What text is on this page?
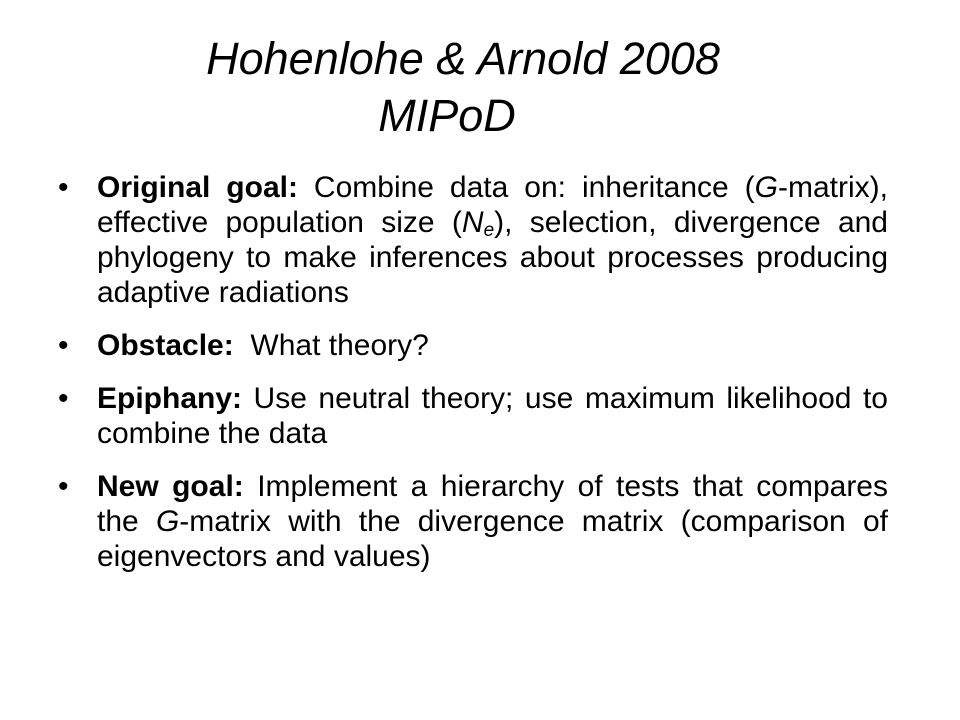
Hohenlohe & Arnold 2008
MIPoD
• Original goal: Combine data on: inheritance (G-matrix), effective population size $(N_e)$, selection, divergence and phylogeny to make inferences about processes producing adaptive radiations
• Obstacle:  What theory?
• Epiphany: Use neutral theory; use maximum likelihood to combine the data
• New goal: Implement a hierarchy of tests that compares the G-matrix with the divergence matrix (comparison of eigenvectors and values)
